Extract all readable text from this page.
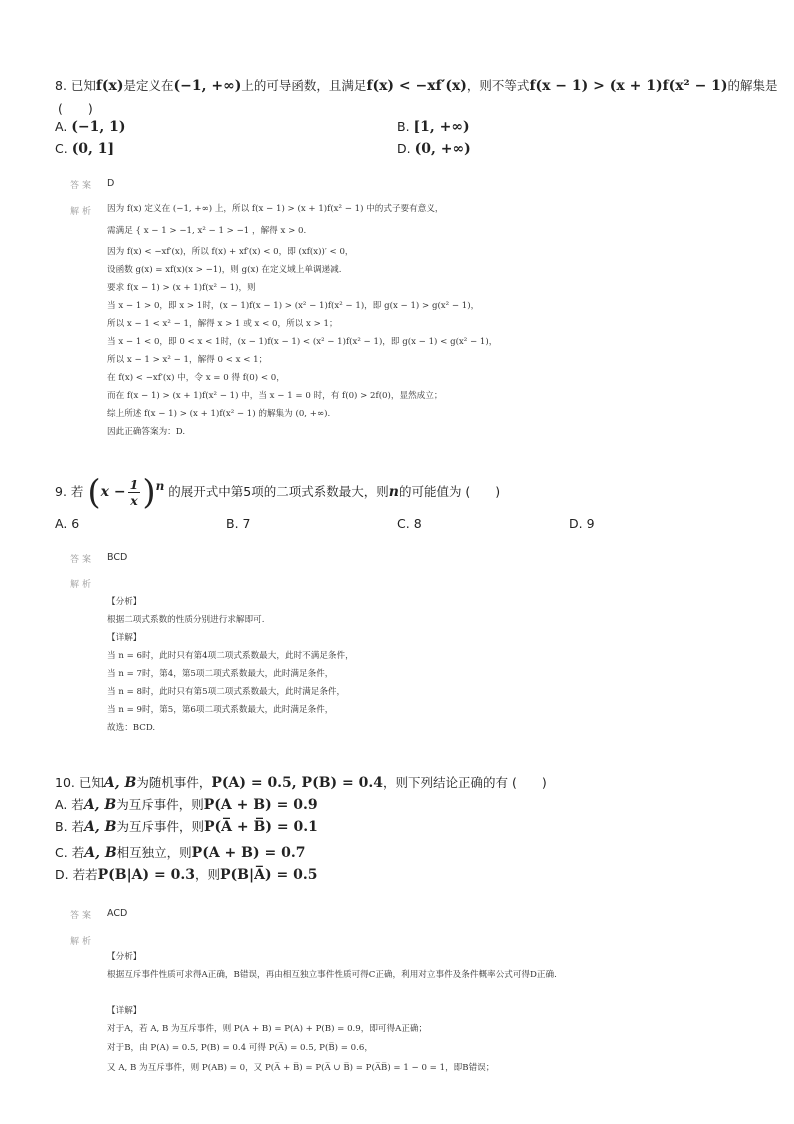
8. 已知f(x)是定义在(−1, +∞)上的可导函数，且满足f(x) < −xf′(x)，则不等式f(x − 1) > (x + 1)f(x² − 1)的解集是
(　　)
A. (−1, 1)	B. [1, +∞)
C. (0, 1]	D. (0, +∞)
答案 D
解析 因为 f(x) 定义在 (−1, +∞) 上，所以 f(x − 1) > (x + 1)f(x² − 1) 中的式子要有意义，
需满足 { x − 1 > −1, x² − 1 > −1 ，解得 x > 0.
因为 f(x) < −xf′(x)，所以 f(x) + xf′(x) < 0，即 (xf(x))′ < 0，
设函数 g(x) = xf(x)(x > −1)，则 g(x) 在定义域上单调递减.
要求 f(x − 1) > (x + 1)f(x² − 1)，则
当 x − 1 > 0，即 x > 1时，(x − 1)f(x − 1) > (x² − 1)f(x² − 1)，即 g(x − 1) > g(x² − 1)，
所以 x − 1 < x² − 1，解得 x > 1 或 x < 0，所以 x > 1；
当 x − 1 < 0，即 0 < x < 1时，(x − 1)f(x − 1) < (x² − 1)f(x² − 1)，即 g(x − 1) < g(x² − 1)，
所以 x − 1 > x² − 1，解得 0 < x < 1；
在 f(x) < −xf′(x) 中，令 x = 0 得 f(0) < 0，
而在 f(x − 1) > (x + 1)f(x² − 1) 中，当 x − 1 = 0 时，有 f(0) > 2f(0)，显然成立；
综上所述 f(x − 1) > (x + 1)f(x² − 1) 的解集为 (0, +∞).
因此正确答案为：D.
9. 若 $(x - \frac{1}{x} )n$ 的展开式中第5项的二项式系数最大，则n的可能值为 (　　)
A. 6	B. 7	C. 8	D. 9
答案 BCD
解析
【分析】
根据二项式系数的性质分别进行求解即可.
【详解】
当 n = 6时，此时只有第4项二项式系数最大，此时不满足条件，
当 n = 7时，第4，第5项二项式系数最大，此时满足条件，
当 n = 8时，此时只有第5项二项式系数最大，此时满足条件，
当 n = 9时，第5，第6项二项式系数最大，此时满足条件，
故选：BCD.
10. 已知A, B为随机事件，P(A) = 0.5, P(B) = 0.4，则下列结论正确的有 (　　)
A. 若A, B为互斥事件，则P(A + B) = 0.9
B. 若A, B为互斥事件，则P(A̅ + B̅) = 0.1
C. 若A, B相互独立，则P(A + B) = 0.7
D. 若若P(B|A) = 0.3，则P(B|A̅) = 0.5
答案 ACD
解析
【分析】
根据互斥事件性质可求得A正确，B错误，再由相互独立事件性质可得C正确，利用对立事件及条件概率公式可得D正确.
【详解】
对于A，若 A, B 为互斥事件，则 P(A + B) = P(A) + P(B) = 0.9，即可得A正确；
对于B，由 P(A) = 0.5, P(B) = 0.4 可得 P(A̅) = 0.5, P(B̅) = 0.6，
又 A, B 为互斥事件，则 P(AB) = 0，又 P(A̅ + B̅) = P(A̅ ∪ B̅) = P(A̅B̅) = 1 − 0 = 1，即B错误；
